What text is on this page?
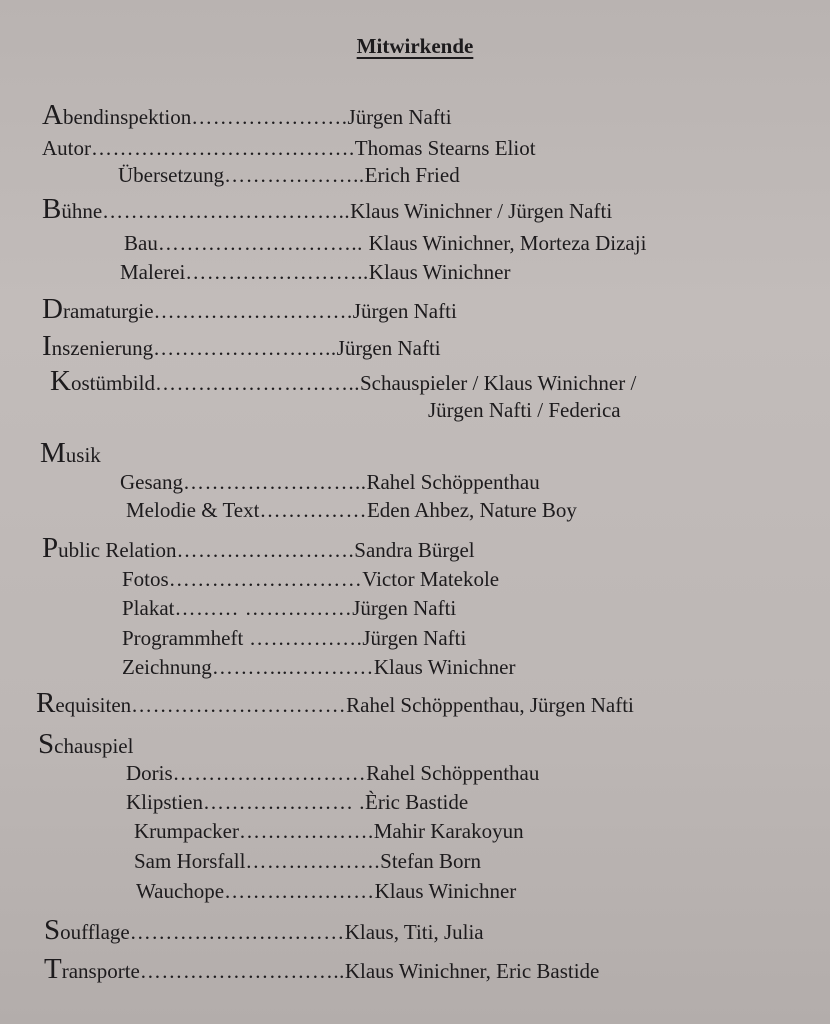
Mitwirkende
Abendinspektion………………….Jürgen Nafti
Autor……………………………….Thomas Stearns Eliot
Übersetzung………………..Erich Fried
Bühne……………………………..Klaus Winichner / Jürgen Nafti
Bau……………………….. Klaus Winichner, Morteza Dizaji
Malerei……………………..Klaus Winichner
Dramaturgie……………………….Jürgen Nafti
Inszenierung……………………..Jürgen Nafti
Kostümbild………………………..Schauspieler / Klaus Winichner /
Jürgen Nafti / Federica
Musik
Gesang……………………..Rahel Schöppenthau
Melodie & Text……………Eden Ahbez, Nature Boy
Public Relation…………………….Sandra Bürgel
Fotos………………………Victor Matekole
Plakat……… ……………Jürgen Nafti
Programmheft …………….Jürgen Nafti
Zeichnung………..…………Klaus Winichner
Requisiten…………………………Rahel Schöppenthau, Jürgen Nafti
Schauspiel
Doris………………………Rahel Schöppenthau
Klipstien………………… .Èric Bastide
Krumpacker……………….Mahir Karakoyun
Sam Horsfall……………….Stefan Born
Wauchope…………………Klaus Winichner
Soufflage…………………………Klaus, Titi, Julia
Transporte………………………..Klaus Winichner, Eric Bastide
